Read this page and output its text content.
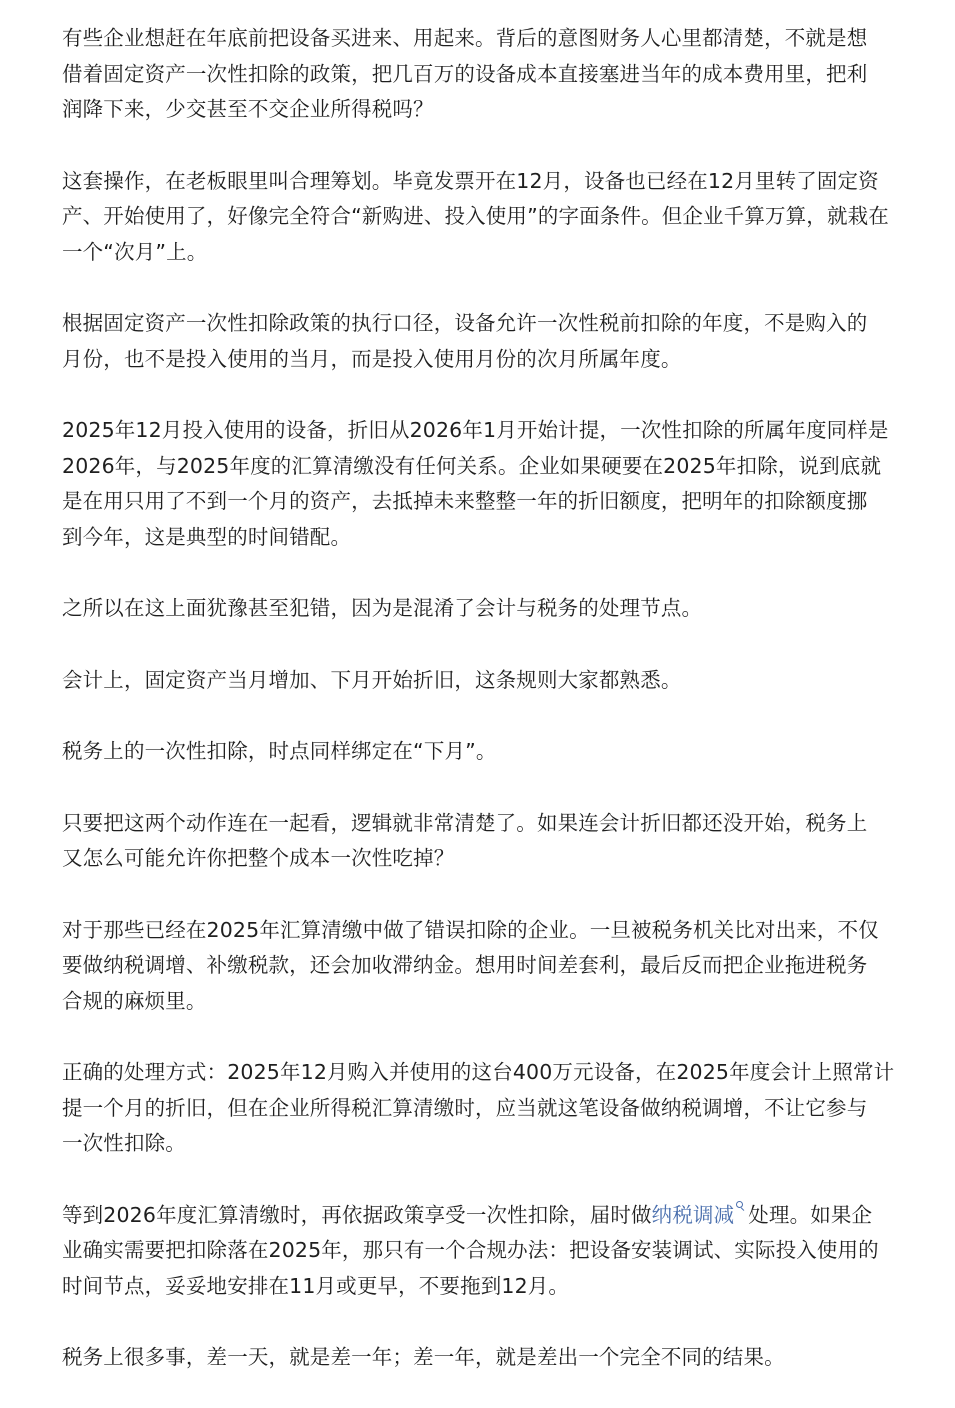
有些企业想赶在年底前把设备买进来、用起来。背后的意图财务人心里都清楚，不就是想
借着固定资产一次性扣除的政策，把几百万的设备成本直接塞进当年的成本费用里，把利
润降下来，少交甚至不交企业所得税吗？

这套操作，在老板眼里叫合理筹划。毕竟发票开在12月，设备也已经在12月里转了固定资
产、开始使用了，好像完全符合“新购进、投入使用”的字面条件。但企业千算万算，就栽在
一个“次月”上。

根据固定资产一次性扣除政策的执行口径，设备允许一次性税前扣除的年度，不是购入的
月份，也不是投入使用的当月，而是投入使用月份的次月所属年度。

2025年12月投入使用的设备，折旧从2026年1月开始计提，一次性扣除的所属年度同样是
2026年，与2025年度的汇算清缴没有任何关系。企业如果硬要在2025年扣除，说到底就
是在用只用了不到一个月的资产，去抵掉未来整整一年的折旧额度，把明年的扣除额度挪
到今年，这是典型的时间错配。

之所以在这上面犹豫甚至犯错，因为是混淆了会计与税务的处理节点。

会计上，固定资产当月增加、下月开始折旧，这条规则大家都熟悉。

税务上的一次性扣除，时点同样绑定在“下月”。

只要把这两个动作连在一起看，逻辑就非常清楚了。如果连会计折旧都还没开始，税务上
又怎么可能允许你把整个成本一次性吃掉？

对于那些已经在2025年汇算清缴中做了错误扣除的企业。一旦被税务机关比对出来，不仅
要做纳税调增、补缴税款，还会加收滞纳金。想用时间差套利，最后反而把企业拖进税务
合规的麻烦里。

正确的处理方式：2025年12月购入并使用的这台400万元设备，在2025年度会计上照常计
提一个月的折旧，但在企业所得税汇算清缴时，应当就这笔设备做纳税调增，不让它参与
一次性扣除。

等到2026年度汇算清缴时，再依据政策享受一次性扣除，届时做纳税调减 处理。如果企
业确实需要把扣除落在2025年，那只有一个合规办法：把设备安装调试、实际投入使用的
时间节点，妥妥地安排在11月或更早，不要拖到12月。

税务上很多事，差一天，就是差一年；差一年，就是差出一个完全不同的结果。
